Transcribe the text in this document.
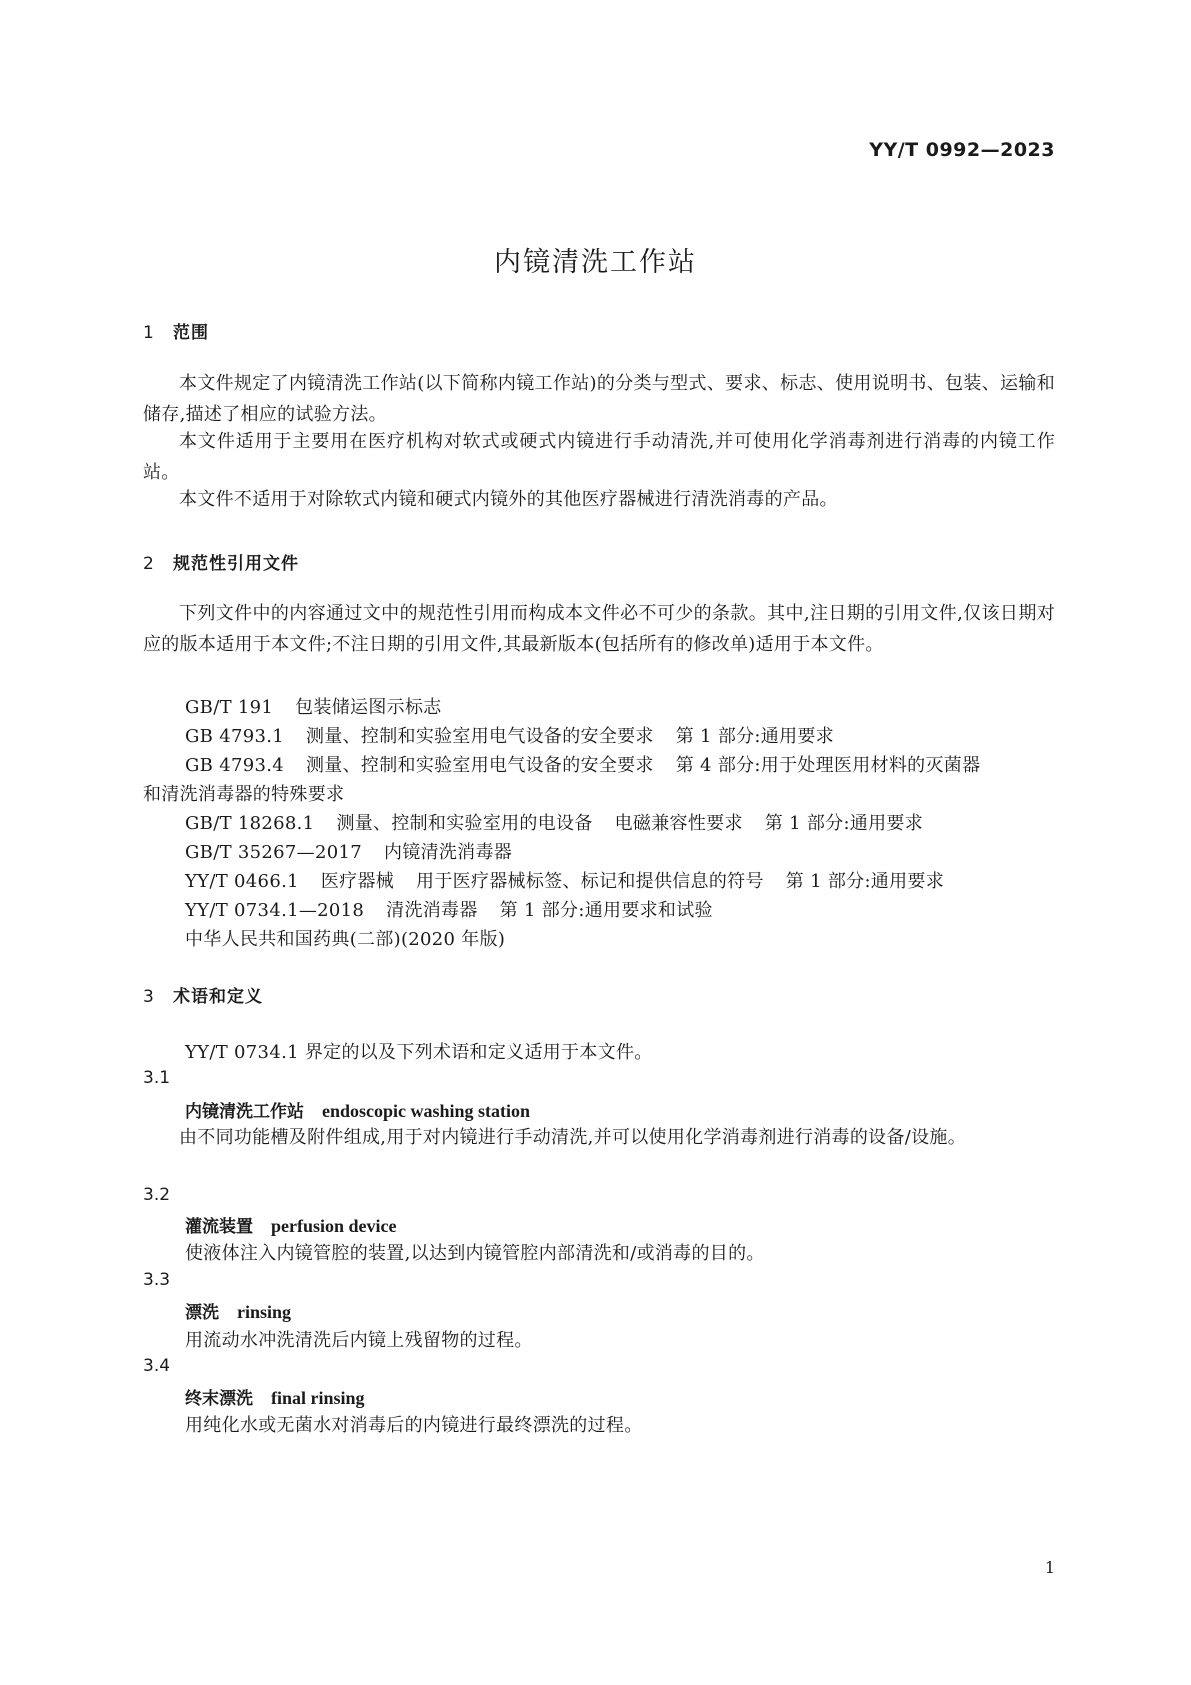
YY/T 0992—2023
内镜清洗工作站
1 范围
本文件规定了内镜清洗工作站(以下简称内镜工作站)的分类与型式、要求、标志、使用说明书、包装、运输和储存,描述了相应的试验方法。
本文件适用于主要用在医疗机构对软式或硬式内镜进行手动清洗,并可使用化学消毒剂进行消毒的内镜工作站。
本文件不适用于对除软式内镜和硬式内镜外的其他医疗器械进行清洗消毒的产品。
2 规范性引用文件
下列文件中的内容通过文中的规范性引用而构成本文件必不可少的条款。其中,注日期的引用文件,仅该日期对应的版本适用于本文件;不注日期的引用文件,其最新版本(包括所有的修改单)适用于本文件。
GB/T 191 包装储运图示标志
GB 4793.1 测量、控制和实验室用电气设备的安全要求 第 1 部分:通用要求
GB 4793.4 测量、控制和实验室用电气设备的安全要求 第 4 部分:用于处理医用材料的灭菌器
和清洗消毒器的特殊要求
GB/T 18268.1 测量、控制和实验室用的电设备 电磁兼容性要求 第 1 部分:通用要求
GB/T 35267—2017 内镜清洗消毒器
YY/T 0466.1 医疗器械 用于医疗器械标签、标记和提供信息的符号 第 1 部分:通用要求
YY/T 0734.1—2018 清洗消毒器 第 1 部分:通用要求和试验
中华人民共和国药典(二部)(2020 年版)
3 术语和定义
YY/T 0734.1 界定的以及下列术语和定义适用于本文件。
3.1
内镜清洗工作站 endoscopic washing station
由不同功能槽及附件组成,用于对内镜进行手动清洗,并可以使用化学消毒剂进行消毒的设备/设施。
3.2
灌流装置 perfusion device
使液体注入内镜管腔的装置,以达到内镜管腔内部清洗和/或消毒的目的。
3.3
漂洗 rinsing
用流动水冲洗清洗后内镜上残留物的过程。
3.4
终末漂洗 final rinsing
用纯化水或无菌水对消毒后的内镜进行最终漂洗的过程。
1
